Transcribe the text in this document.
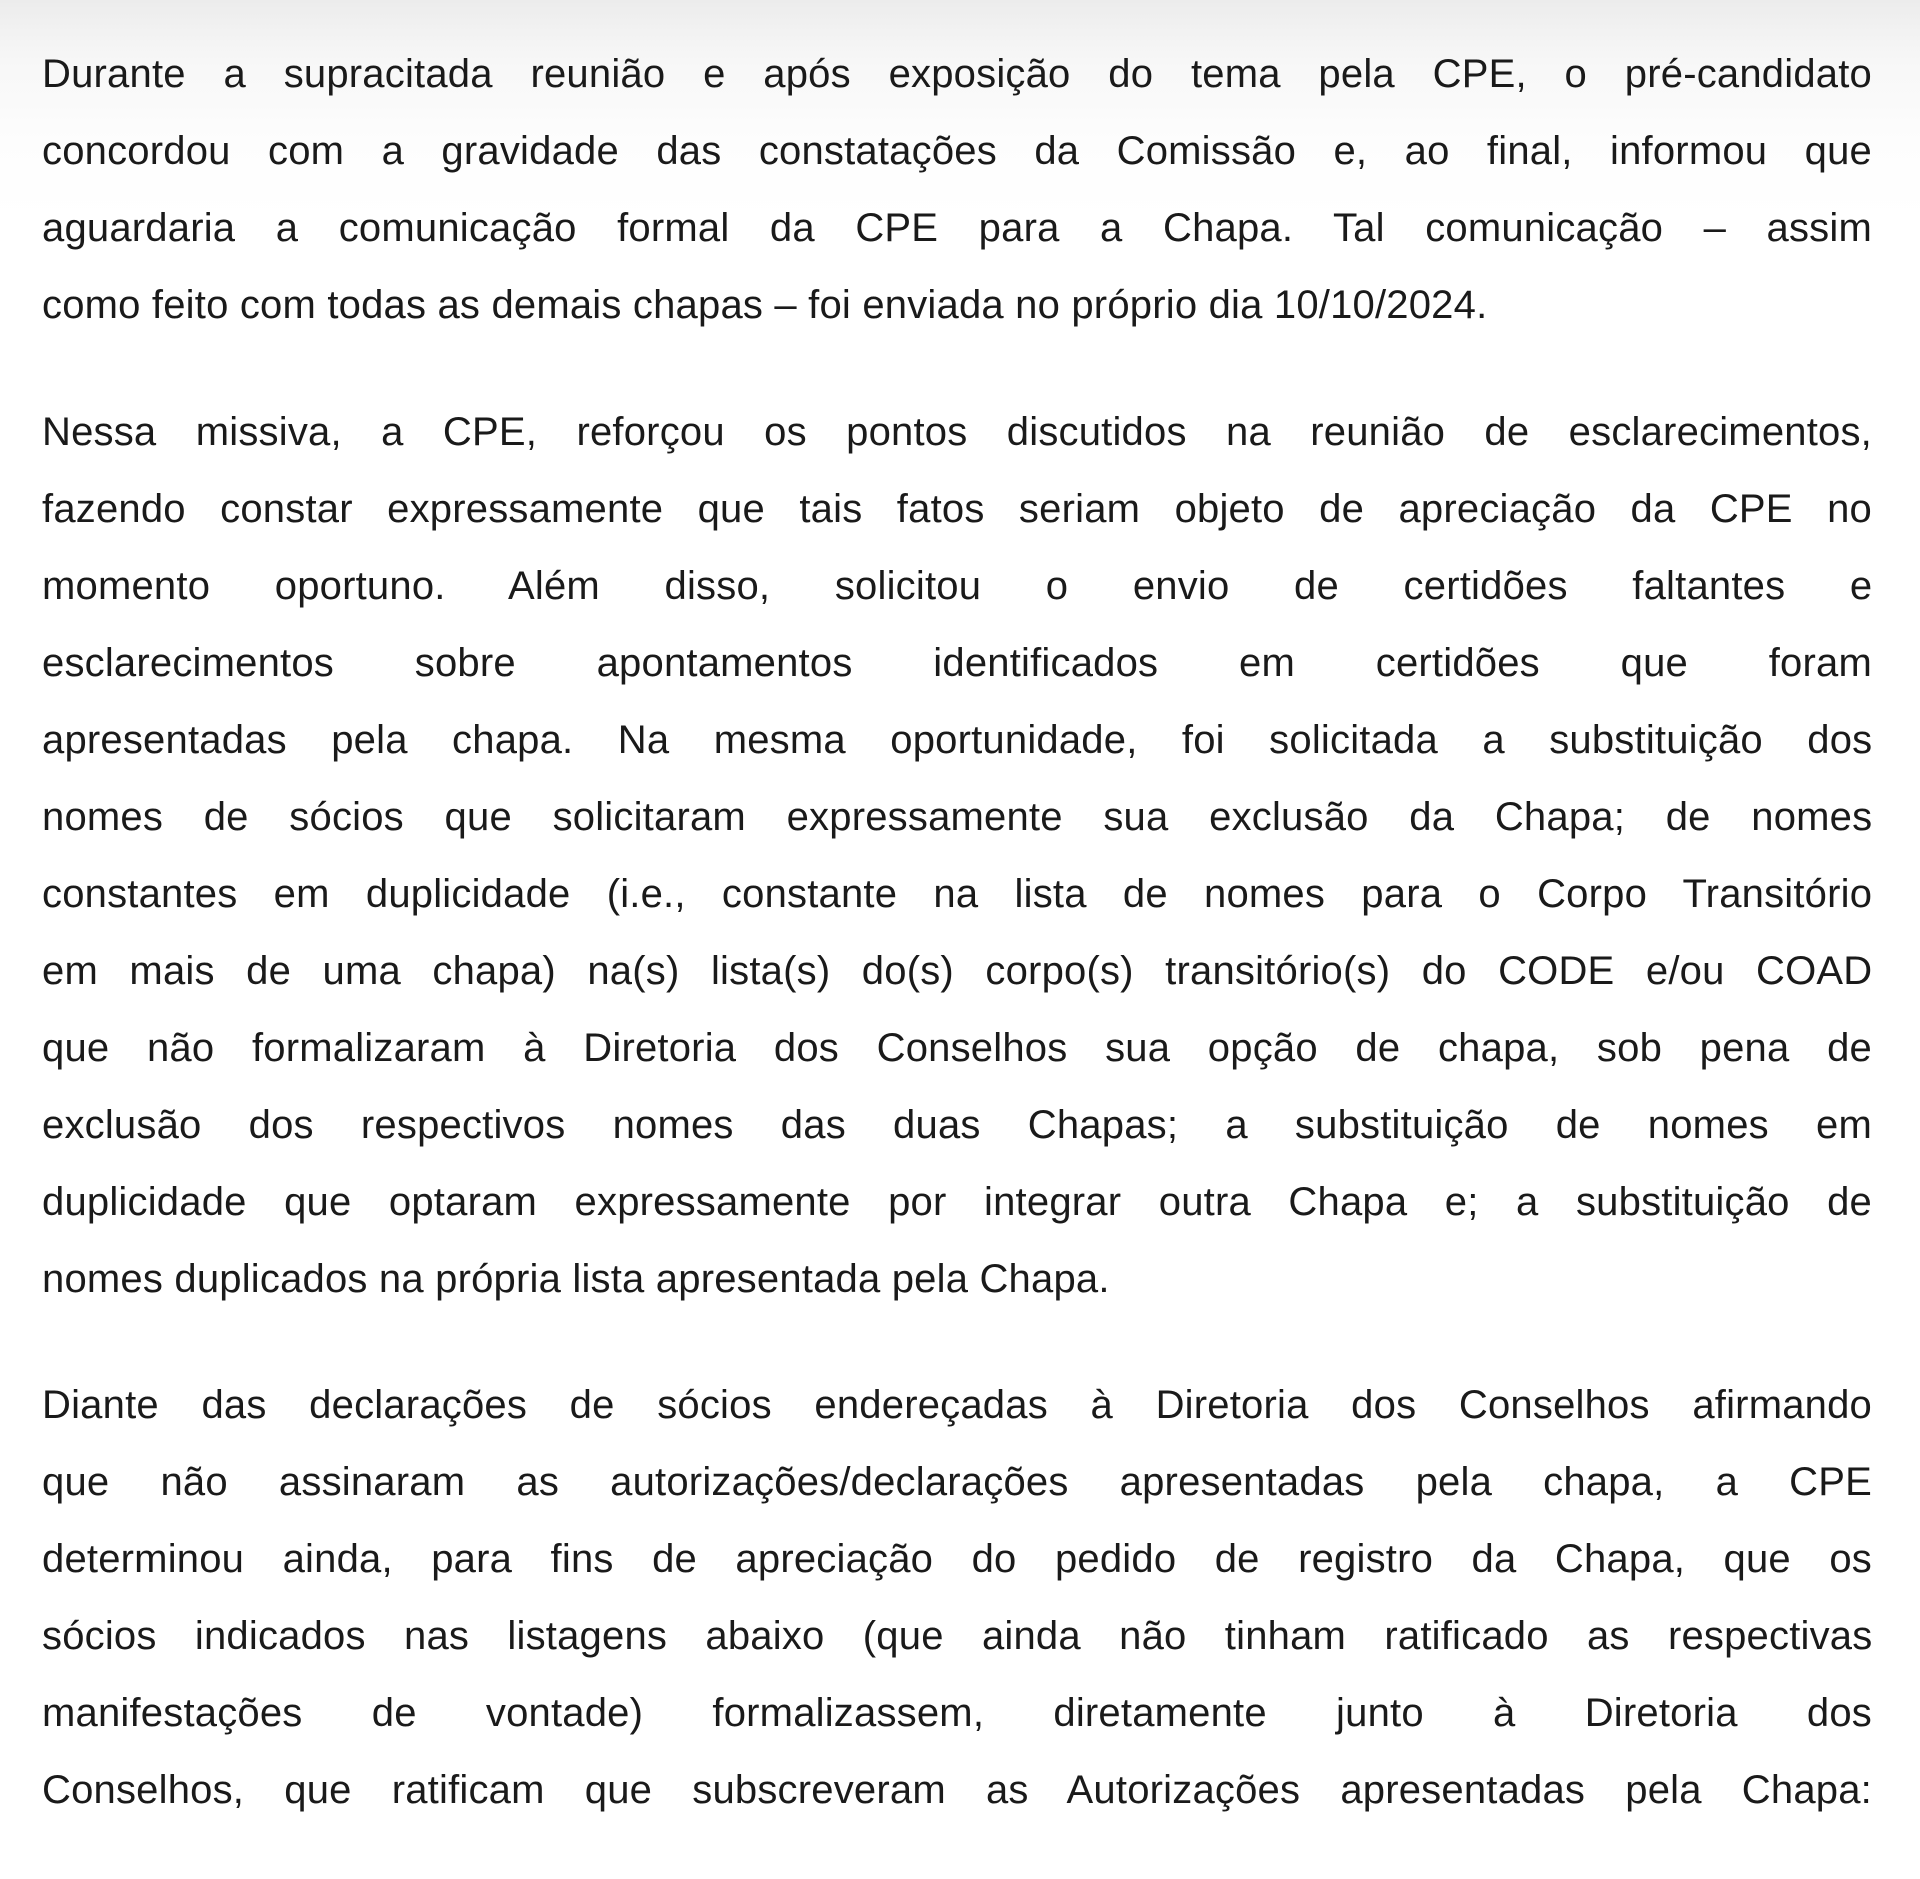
Durante a supracitada reunião e após exposição do tema pela CPE, o pré-candidato
concordou com a gravidade das constatações da Comissão e, ao final, informou que
aguardaria a comunicação formal da CPE para a Chapa. Tal comunicação – assim
como feito com todas as demais chapas – foi enviada no próprio dia 10/10/2024.
Nessa missiva, a CPE, reforçou os pontos discutidos na reunião de esclarecimentos,
fazendo constar expressamente que tais fatos seriam objeto de apreciação da CPE no
momento oportuno. Além disso, solicitou o envio de certidões faltantes e
esclarecimentos sobre apontamentos identificados em certidões que foram
apresentadas pela chapa. Na mesma oportunidade, foi solicitada a substituição dos
nomes de sócios que solicitaram expressamente sua exclusão da Chapa; de nomes
constantes em duplicidade (i.e., constante na lista de nomes para o Corpo Transitório
em mais de uma chapa) na(s) lista(s) do(s) corpo(s) transitório(s) do CODE e/ou COAD
que não formalizaram à Diretoria dos Conselhos sua opção de chapa, sob pena de
exclusão dos respectivos nomes das duas Chapas; a substituição de nomes em
duplicidade que optaram expressamente por integrar outra Chapa e; a substituição de
nomes duplicados na própria lista apresentada pela Chapa.
Diante das declarações de sócios endereçadas à Diretoria dos Conselhos afirmando
que não assinaram as autorizações/declarações apresentadas pela chapa, a CPE
determinou ainda, para fins de apreciação do pedido de registro da Chapa, que os
sócios indicados nas listagens abaixo (que ainda não tinham ratificado as respectivas
manifestações de vontade) formalizassem, diretamente junto à Diretoria dos
Conselhos, que ratificam que subscreveram as Autorizações apresentadas pela Chapa:
